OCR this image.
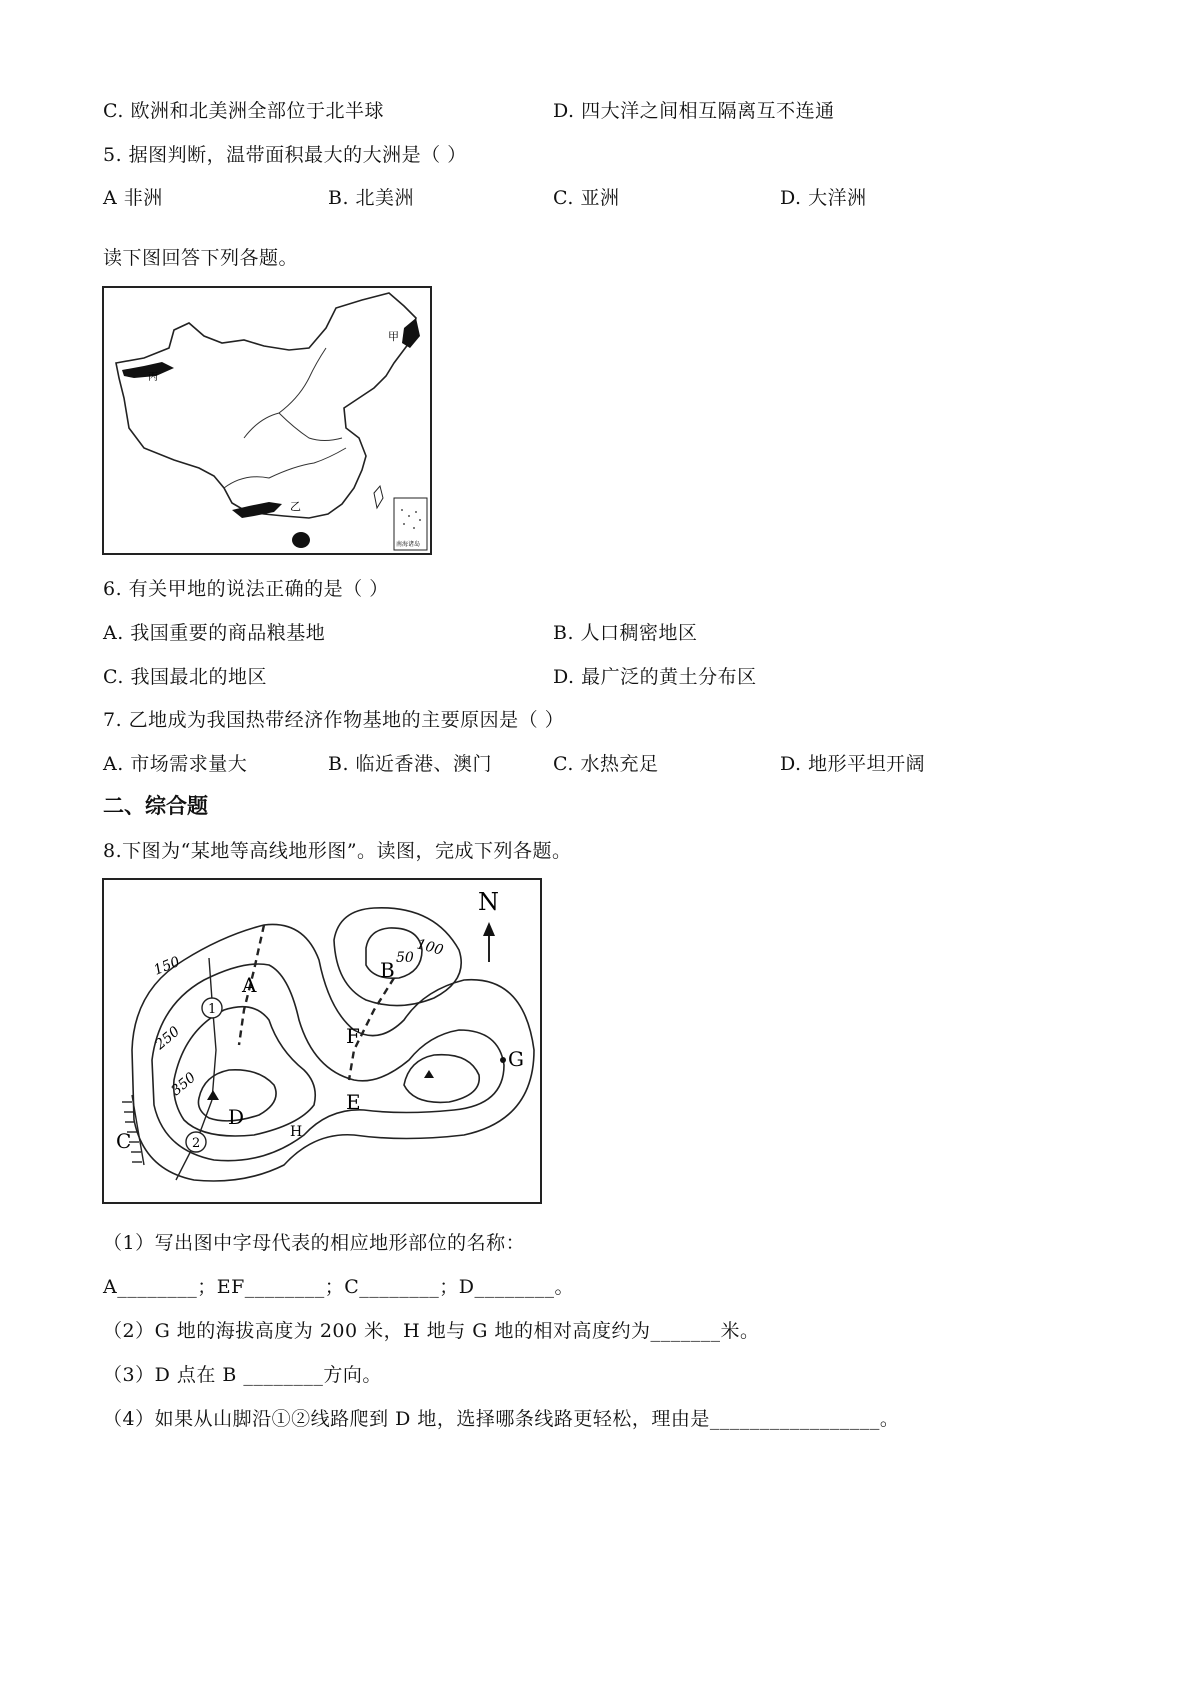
C. 欧洲和北美洲全部位于北半球	D. 四大洋之间相互隔离互不连通
5. 据图判断，温带面积最大的大洲是（ ）
A 非洲	B. 北美洲	C. 亚洲	D. 大洋洲
读下图回答下列各题。
南海诸岛
甲
丙
乙
6. 有关甲地的说法正确的是（ ）
A. 我国重要的商品粮基地	B. 人口稠密地区
C. 我国最北的地区	D. 最广泛的黄土分布区
7. 乙地成为我国热带经济作物基地的主要原因是（ ）
A. 市场需求量大	B. 临近香港、澳门	C. 水热充足	D. 地形平坦开阔
二、综合题
8.下图为“某地等高线地形图”。读图，完成下列各题。
1
2
N
A
B
C
D
E
F
G
H
150
250
350
50 100
（1）写出图中字母代表的相应地形部位的名称：
A________；EF________；C________；D________。
（2）G 地的海拔高度为 200 米，H 地与 G 地的相对高度约为_______米。
（3）D 点在 B ________方向。
（4）如果从山脚沿①②线路爬到 D 地，选择哪条线路更轻松，理由是_________________。
